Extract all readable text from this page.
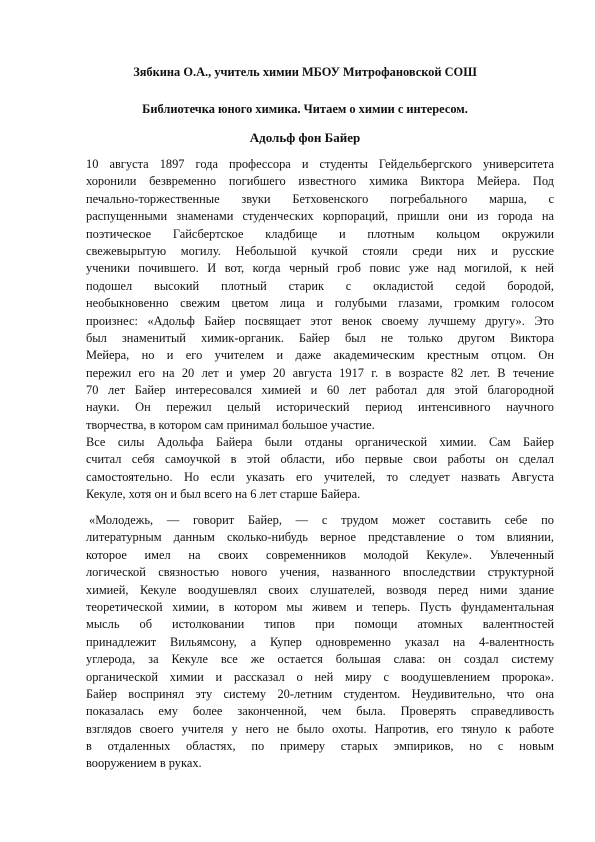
Зябкина О.А., учитель химии МБОУ Митрофановской СОШ
Библиотечка юного химика. Читаем о химии с интересом.
Адольф фон Байер
10 августа 1897 года профессора и студенты Гейдельбергского университета
хоронили безвременно погибшего известного химика Виктора Мейера. Под
печально-торжественные звуки Бетховенского погребального марша, с
распущенными знаменами студенческих корпораций, пришли они из города на
поэтическое Гайсбертское кладбище и плотным кольцом окружили
свежевырытую могилу. Небольшой кучкой стояли среди них и русские
ученики почившего. И вот, когда черный гроб повис уже над могилой, к ней
подошел высокий плотный старик с окладистой седой бородой,
необыкновенно свежим цветом лица и голубыми глазами, громким голосом
произнес: «Адольф Байер посвящает этот венок своему лучшему другу». Это
был знаменитый химик-органик. Байер был не только другом Виктора
Мейера, но и его учителем и даже академическим крестным отцом. Он
пережил его на 20 лет и умер 20 августа 1917 г. в возрасте 82 лет. В течение
70 лет Байер интересовался химией и 60 лет работал для этой благородной
науки. Он пережил целый исторический период интенсивного научного
творчества, в котором сам принимал большое участие.
Все силы Адольфа Байера были отданы органической химии. Сам Байер
считал себя самоучкой в этой области, ибо первые свои работы он сделал
самостоятельно. Но если указать его учителей, то следует назвать Августа
Кекуле, хотя он и был всего на 6 лет старше Байера.
«Молодежь, — говорит Байер, — с трудом может составить себе по
литературным данным сколько-нибудь верное представление о том влиянии,
которое имел на своих современников молодой Кекуле». Увлеченный
логической связностью нового учения, названного впоследствии структурной
химией, Кекуле воодушевлял своих слушателей, возводя перед ними здание
теоретической химии, в котором мы живем и теперь. Пусть фундаментальная
мысль об истолковании типов при помощи атомных валентностей
принадлежит Вильямсону, а Купер одновременно указал на 4-валентность
углерода, за Кекуле все же остается большая слава: он создал систему
органической химии и рассказал о ней миру с воодушевлением пророка».
Байер воспринял эту систему 20-летним студентом. Неудивительно, что она
показалась ему более законченной, чем была. Проверять справедливость
взглядов своего учителя у него не было охоты. Напротив, его тянуло к работе
в отдаленных областях, по примеру старых эмпириков, но с новым
вооружением в руках.
